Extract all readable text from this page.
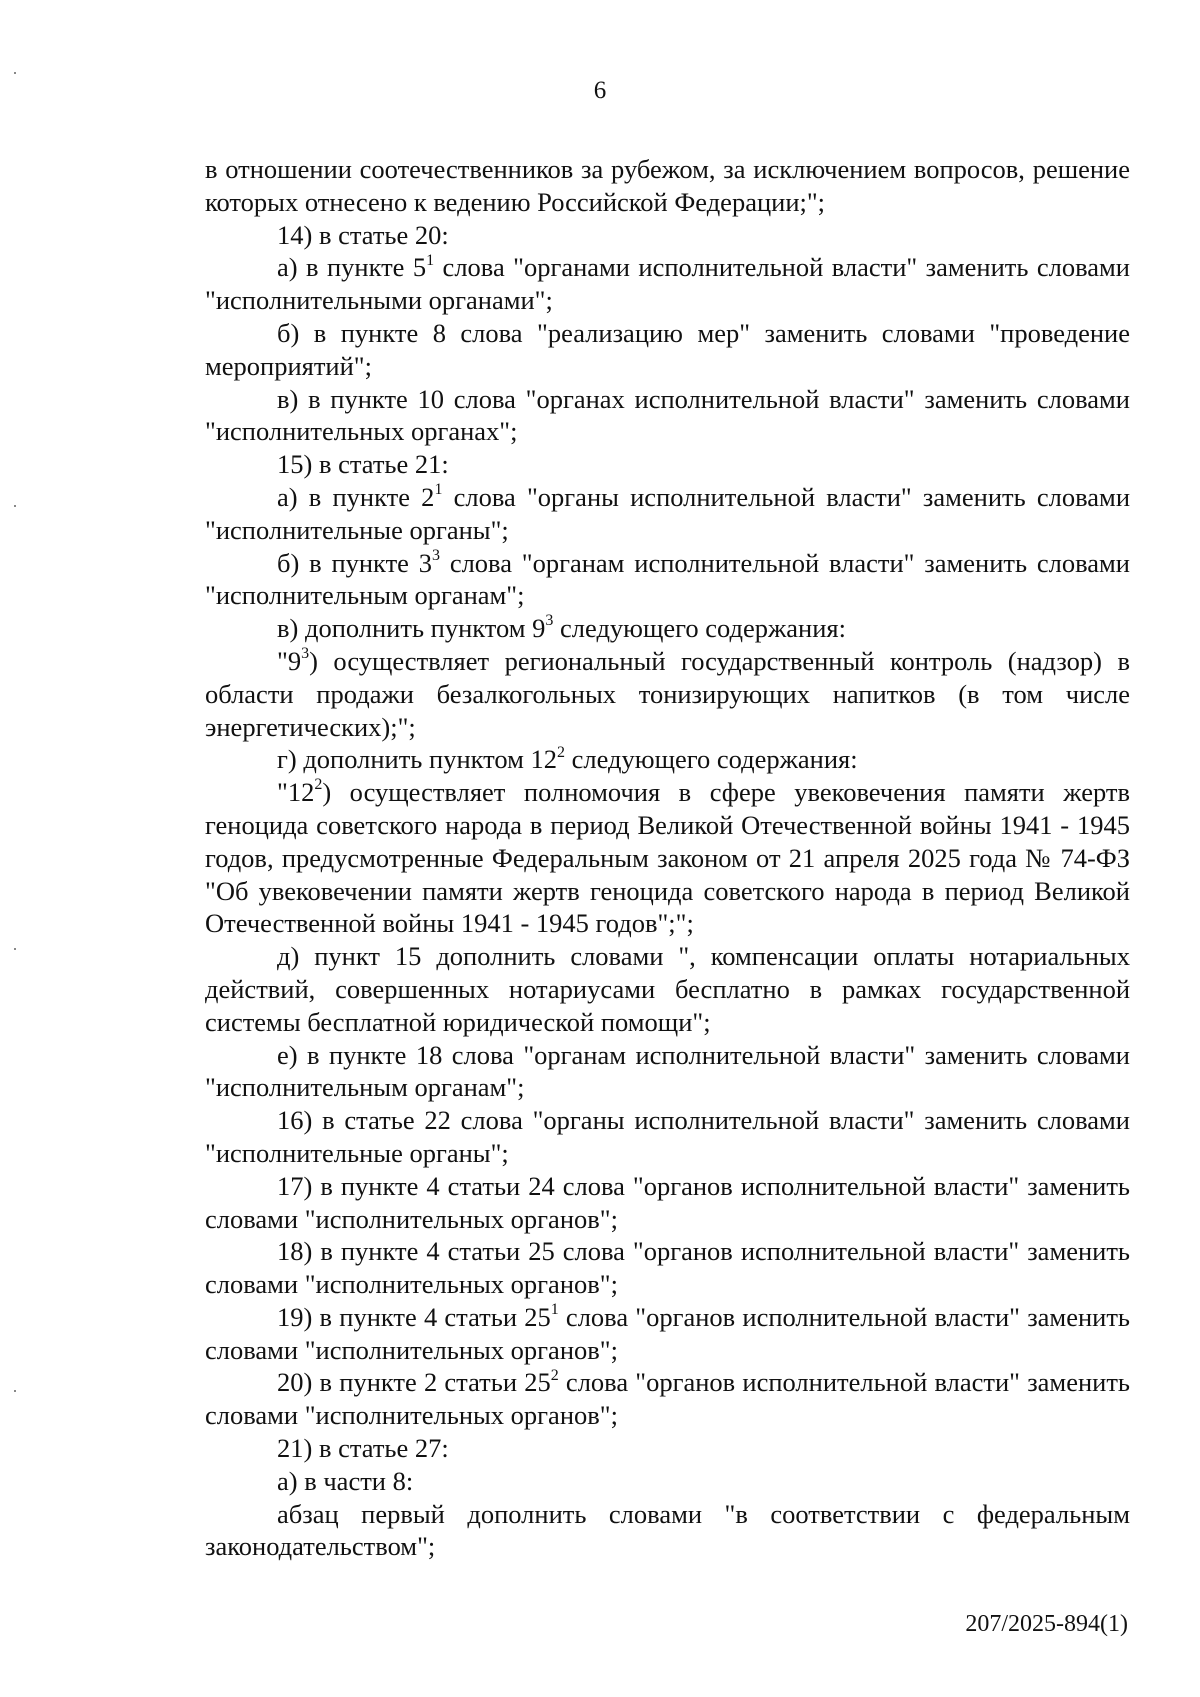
6

в отношении соотечественников за рубежом, за исключением вопросов, решение которых отнесено к ведению Российской Федерации;";

14) в статье 20:

а) в пункте $5^1$ слова "органами исполнительной власти" заменить словами "исполнительными органами";

б) в пункте 8 слова "реализацию мер" заменить словами "проведение мероприятий";

в) в пункте 10 слова "органах исполнительной власти" заменить словами "исполнительных органах";

15) в статье 21:

а) в пункте $2^1$ слова "органы исполнительной власти" заменить словами "исполнительные органы";

б) в пункте $3^3$ слова "органам исполнительной власти" заменить словами "исполнительным органам";

в) дополнить пунктом $9^3$ следующего содержания:

"$9^3$) осуществляет региональный государственный контроль (надзор) в области продажи безалкогольных тонизирующих напитков (в том числе энергетических);";

г) дополнить пунктом $12^2$ следующего содержания:

"$12^2$) осуществляет полномочия в сфере увековечения памяти жертв геноцида советского народа в период Великой Отечественной войны 1941 - 1945 годов, предусмотренные Федеральным законом от 21 апреля 2025 года № 74-ФЗ "Об увековечении памяти жертв геноцида советского народа в период Великой Отечественной войны 1941 - 1945 годов";";

д) пункт 15 дополнить словами ", компенсации оплаты нотариальных действий, совершенных нотариусами бесплатно в рамках государственной системы бесплатной юридической помощи";

е) в пункте 18 слова "органам исполнительной власти" заменить словами "исполнительным органам";

16) в статье 22 слова "органы исполнительной власти" заменить словами "исполнительные органы";

17) в пункте 4 статьи 24 слова "органов исполнительной власти" заменить словами "исполнительных органов";

18) в пункте 4 статьи 25 слова "органов исполнительной власти" заменить словами "исполнительных органов";

19) в пункте 4 статьи $25^1$ слова "органов исполнительной власти" заменить словами "исполнительных органов";

20) в пункте 2 статьи $25^2$ слова "органов исполнительной власти" заменить словами "исполнительных органов";

21) в статье 27:

а) в части 8:

абзац первый дополнить словами "в соответствии с федеральным законодательством";

207/2025-894(1)
